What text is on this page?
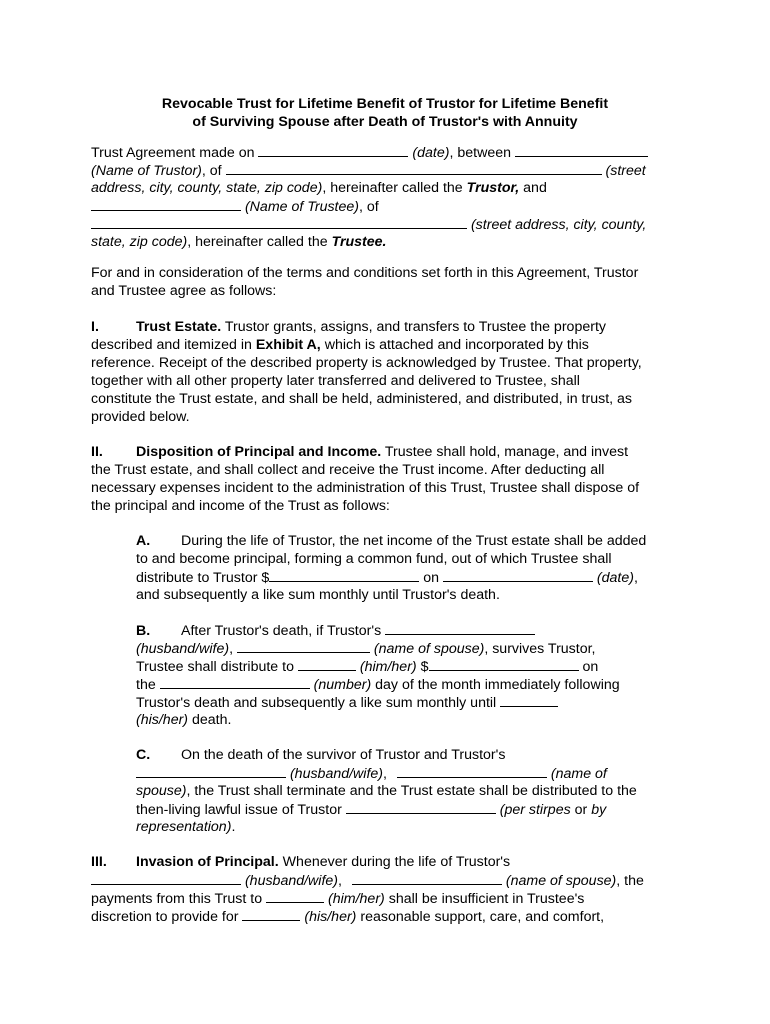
Revocable Trust for Lifetime Benefit of Trustor for Lifetime Benefit
of Surviving Spouse after Death of Trustor's with Annuity
Trust Agreement made on	(date), between
(Name of Trustor), of	(street
address, city, county, state, zip code), hereinafter called the Trustor, and
(Name of Trustee), of
(street address, city, county,
state, zip code), hereinafter called the Trustee.
For and in consideration of the terms and conditions set forth in this Agreement, Trustor
and Trustee agree as follows:
I.	Trust Estate. Trustor grants, assigns, and transfers to Trustee the property
described and itemized in Exhibit A, which is attached and incorporated by this
reference. Receipt of the described property is acknowledged by Trustee. That property,
together with all other property later transferred and delivered to Trustee, shall
constitute the Trust estate, and shall be held, administered, and distributed, in trust, as
provided below.
II. Disposition of Principal and Income. Trustee shall hold, manage, and invest
the Trust estate, and shall collect and receive the Trust income. After deducting all
necessary expenses incident to the administration of this Trust, Trustee shall dispose of
the principal and income of the Trust as follows:
A. During the life of Trustor, the net income of the Trust estate shall be added
to and become principal, forming a common fund, out of which Trustee shall
distribute to Trustor $	on	(date),
and subsequently a like sum monthly until Trustor's death.
B. After Trustor's death, if Trustor's
(husband/wife),	(name of spouse), survives Trustor,
Trustee shall distribute to	(him/her) $	on
the	(number) day of the month immediately following
Trustor's death and subsequently a like sum monthly until
(his/her) death.
C. On the death of the survivor of Trustor and Trustor's
(husband/wife),	(name of
spouse), the Trust shall terminate and the Trust estate shall be distributed to the
then-living lawful issue of Trustor	(per stirpes or by
representation).
III. Invasion of Principal. Whenever during the life of Trustor's
(husband/wife),	(name of spouse), the
payments from this Trust to	(him/her) shall be insufficient in Trustee's
discretion to provide for	(his/her) reasonable support, care, and comfort,
